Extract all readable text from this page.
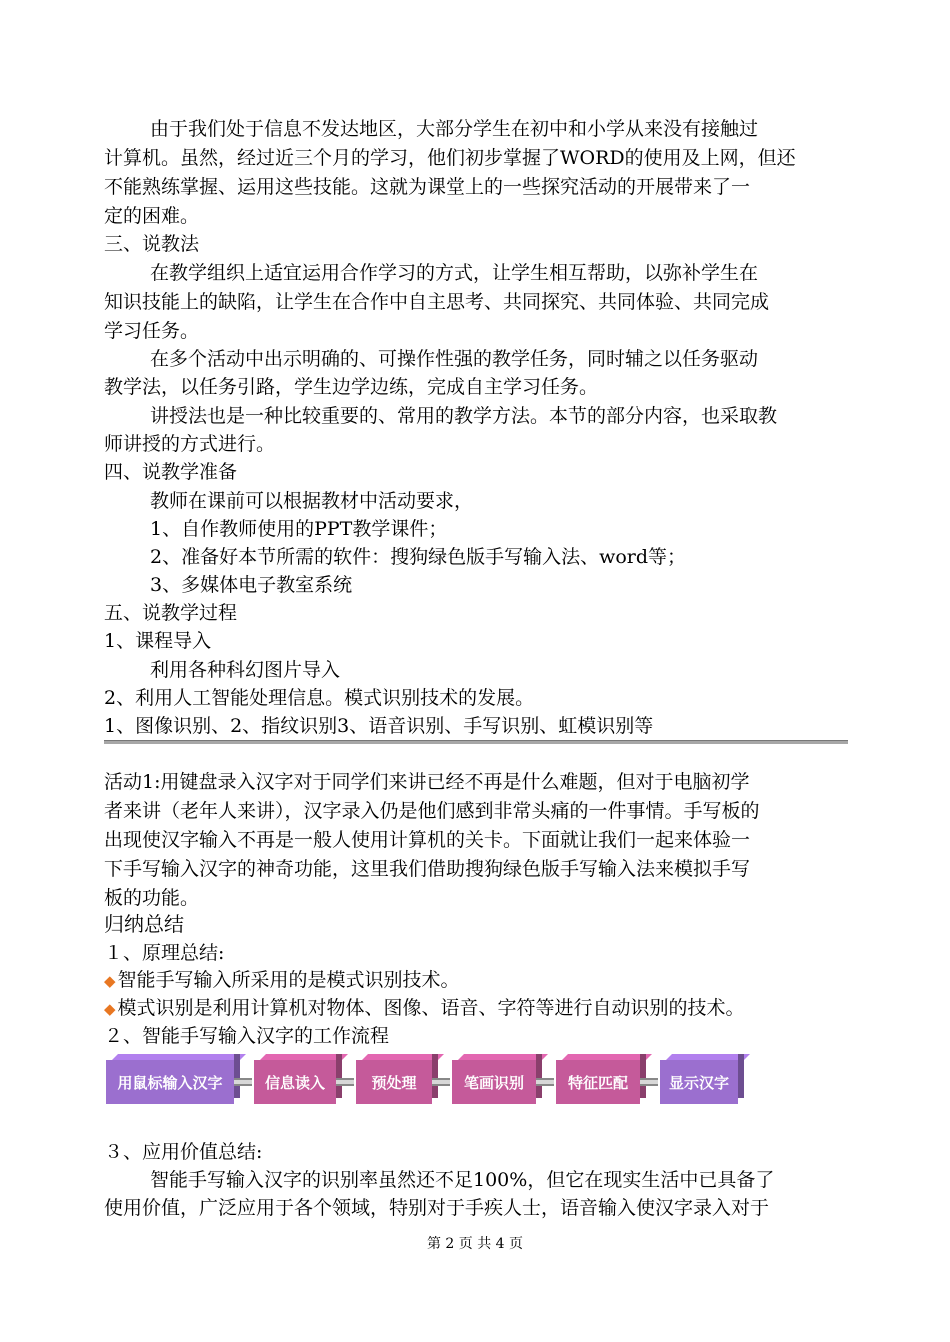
由于我们处于信息不发达地区，大部分学生在初中和小学从来没有接触过
计算机。虽然，经过近三个月的学习，他们初步掌握了WORD的使用及上网，但还
不能熟练掌握、运用这些技能。这就为课堂上的一些探究活动的开展带来了一
定的困难。
三、说教法
在教学组织上适宜运用合作学习的方式，让学生相互帮助，以弥补学生在
知识技能上的缺陷，让学生在合作中自主思考、共同探究、共同体验、共同完成
学习任务。
在多个活动中出示明确的、可操作性强的教学任务，同时辅之以任务驱动
教学法，以任务引路，学生边学边练，完成自主学习任务。
讲授法也是一种比较重要的、常用的教学方法。本节的部分内容，也采取教
师讲授的方式进行。
四、说教学准备
教师在课前可以根据教材中活动要求，
1、自作教师使用的PPT教学课件；
2、准备好本节所需的软件：搜狗绿色版手写输入法、word等；
3、多媒体电子教室系统
五、说教学过程
1、课程导入
利用各种科幻图片导入
2、利用人工智能处理信息。模式识别技术的发展。
1、图像识别、2、指纹识别3、语音识别、手写识别、虹模识别等
活动1:用键盘录入汉字对于同学们来讲已经不再是什么难题，但对于电脑初学
者来讲（老年人来讲），汉字录入仍是他们感到非常头痛的一件事情。手写板的
出现使汉字输入不再是一般人使用计算机的关卡。下面就让我们一起来体验一
下手写输入汉字的神奇功能，这里我们借助搜狗绿色版手写输入法来模拟手写
板的功能。
归纳总结
１、原理总结:
◆ 智能手写输入所采用的是模式识别技术。
◆ 模式识别是利用计算机对物体、图像、语音、字符等进行自动识别的技术。
２、智能手写输入汉字的工作流程
用鼠标输入汉字	信息读入	预处理	笔画识别	特征匹配	显示汉字
３、应用价值总结:
智能手写输入汉字的识别率虽然还不足100%，但它在现实生活中已具备了
使用价值，广泛应用于各个领域，特别对于手疾人士，语音输入使汉字录入对于
第 2 页 共 4 页
